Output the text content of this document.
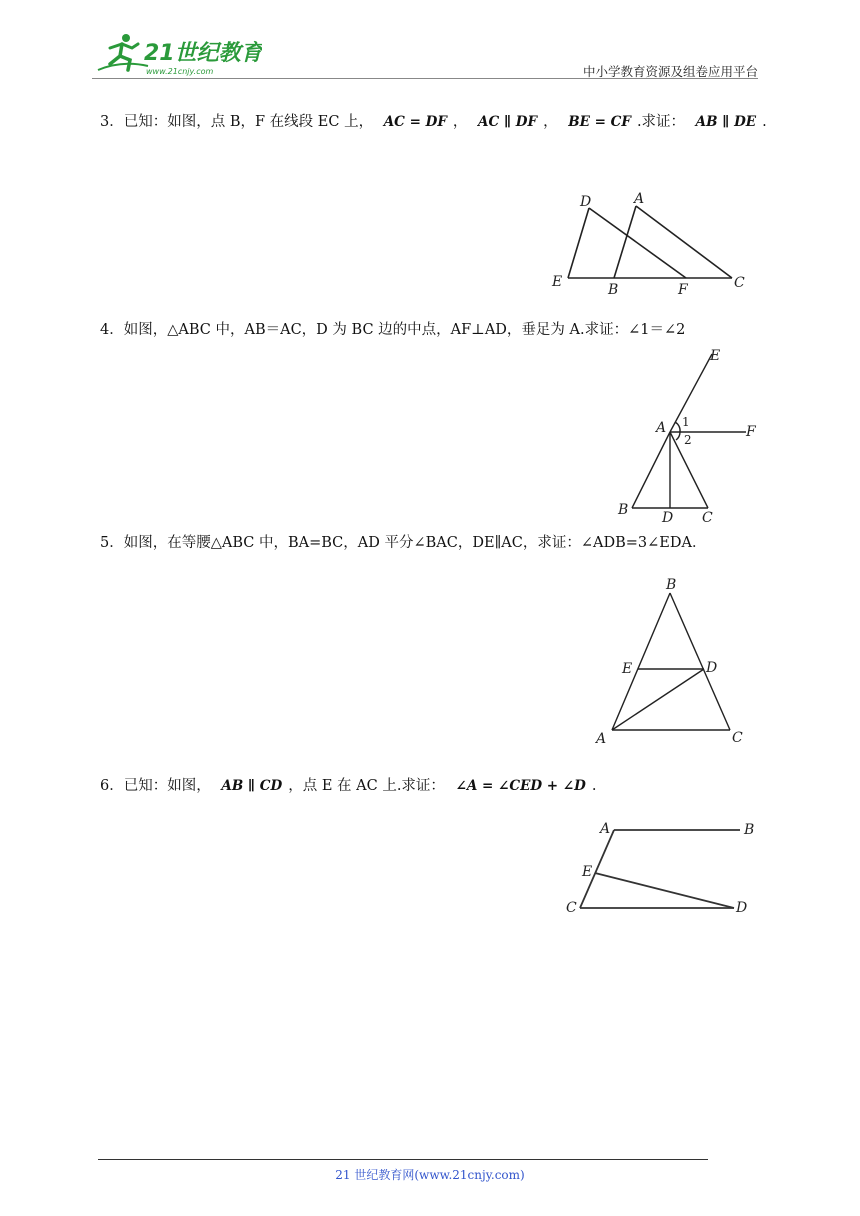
21世纪教育
www.21cnjy.com	中小学教育资源及组卷应用平台
3．已知：如图，点 B，F 在线段 EC 上， AC = DF ， AC ∥ DF ， BE = CF .求证： AB ∥ DE .
D	A
E	B	F	C
4．如图，△ABC 中，AB＝AC，D 为 BC 边的中点，AF⊥AD，垂足为 A.求证：∠1＝∠2
E
A	F
1
2
B D C
5．如图，在等腰△ABC 中，BA=BC，AD 平分∠BAC，DE∥AC，求证：∠ADB=3∠EDA．
B
E	D
A	C
6．已知：如图， AB ∥ CD ，点 E 在 AC 上.求证： ∠A = ∠CED + ∠D .
A	B
E
C	D
21 世纪教育网(www.21cnjy.com)
